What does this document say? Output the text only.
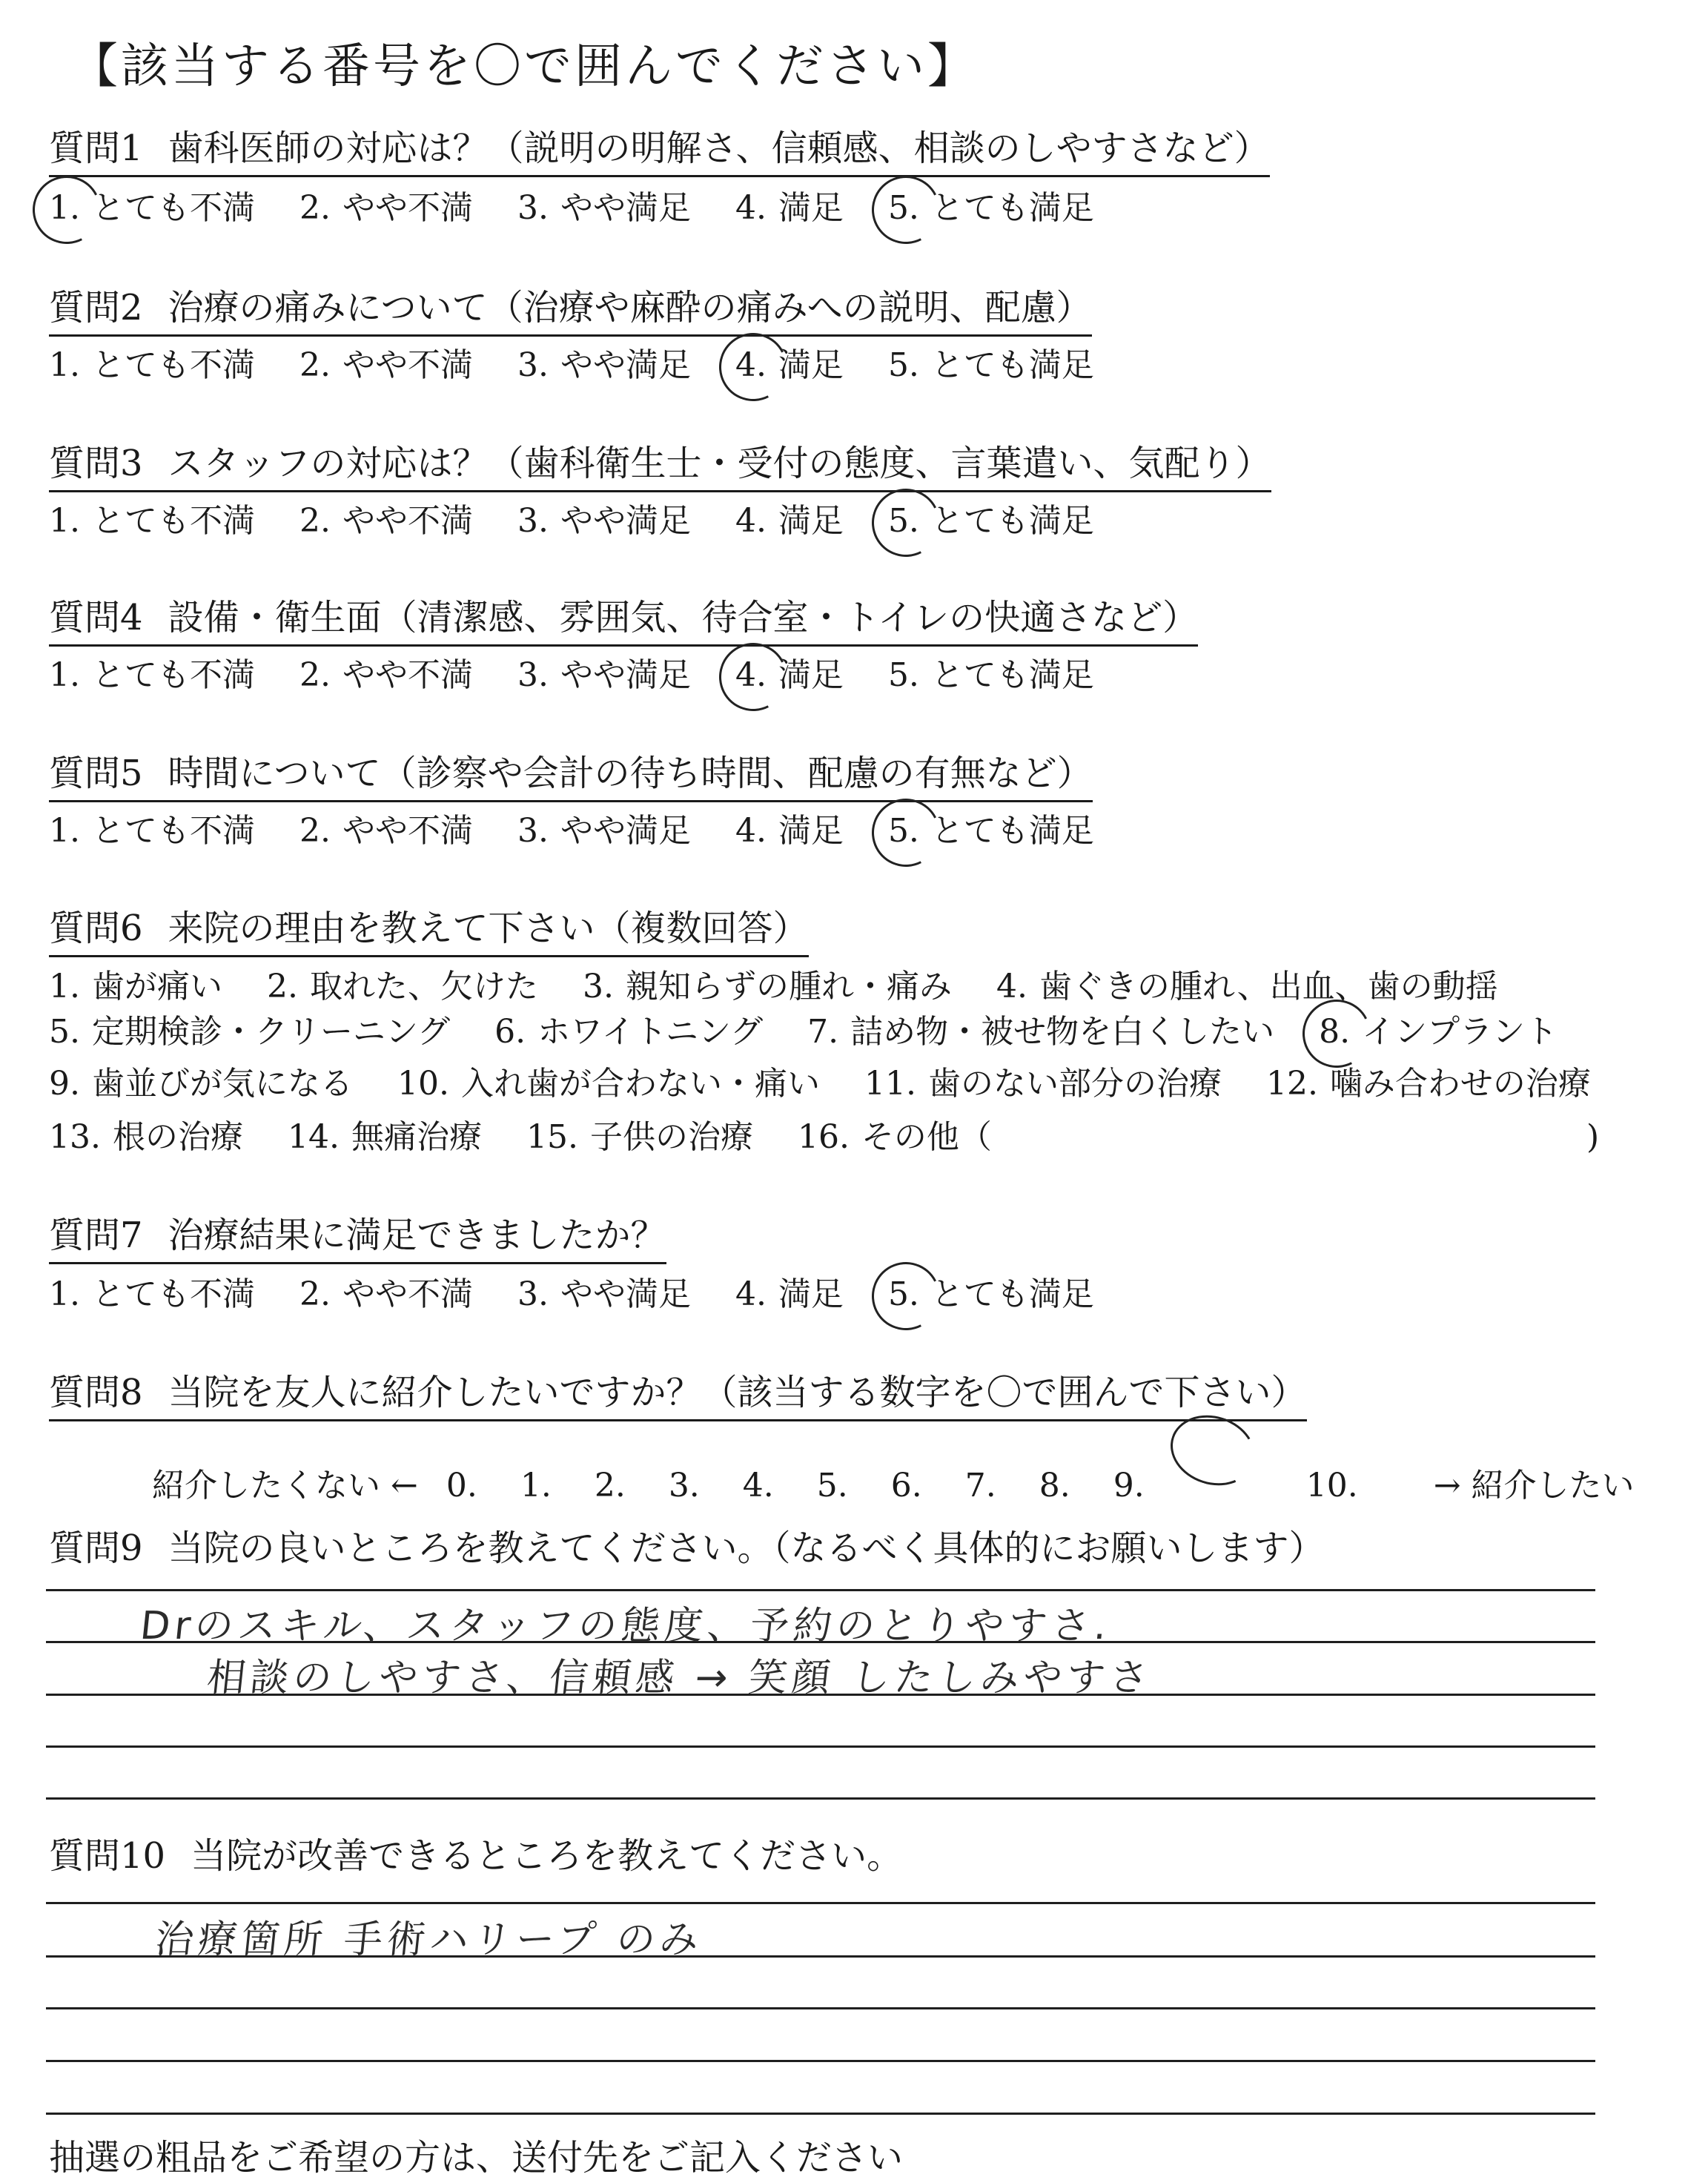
【該当する番号を〇で囲んでください】
質問1 歯科医師の対応は？（説明の明解さ、信頼感、相談のしやすさなど）
1. とても不満 2. やや不満 3. やや満足 4. 満足 5. とても満足
質問2 治療の痛みについて（治療や麻酔の痛みへの説明、配慮）
1. とても不満 2. やや不満 3. やや満足 4. 満足 5. とても満足
質問3 スタッフの対応は？（歯科衛生士・受付の態度、言葉遣い、気配り）
1. とても不満 2. やや不満 3. やや満足 4. 満足 5. とても満足
質問4 設備・衛生面（清潔感、雰囲気、待合室・トイレの快適さなど）
1. とても不満 2. やや不満 3. やや満足 4. 満足 5. とても満足
質問5 時間について（診察や会計の待ち時間、配慮の有無など）
1. とても不満 2. やや不満 3. やや満足 4. 満足 5. とても満足
質問6 来院の理由を教えて下さい（複数回答）
1. 歯が痛い 2. 取れた、欠けた 3. 親知らずの腫れ・痛み 4. 歯ぐきの腫れ、出血、歯の動揺
5. 定期検診・クリーニング 6. ホワイトニング 7. 詰め物・被せ物を白くしたい 8. インプラント
9. 歯並びが気になる 10. 入れ歯が合わない・痛い 11. 歯のない部分の治療 12. 噛み合わせの治療
13. 根の治療 14. 無痛治療 15. 子供の治療 16. その他（	)
質問7 治療結果に満足できましたか？
1. とても不満 2. やや不満 3. やや満足 4. 満足 5. とても満足
質問8 当院を友人に紹介したいですか？（該当する数字を〇で囲んで下さい）
紹介したくない ← 0. 1. 2. 3. 4. 5. 6. 7. 8. 9.	10. → 紹介したい
質問9 当院の良いところを教えてください。（なるべく具体的にお願いします）
Drのスキル、スタッフの態度、予約のとりやすさ.
相談のしやすさ、信頼感 → 笑顔 したしみやすさ
質問10 当院が改善できるところを教えてください。
治療箇所 手術ハリープ のみ
抽選の粗品をご希望の方は、送付先をご記入ください
